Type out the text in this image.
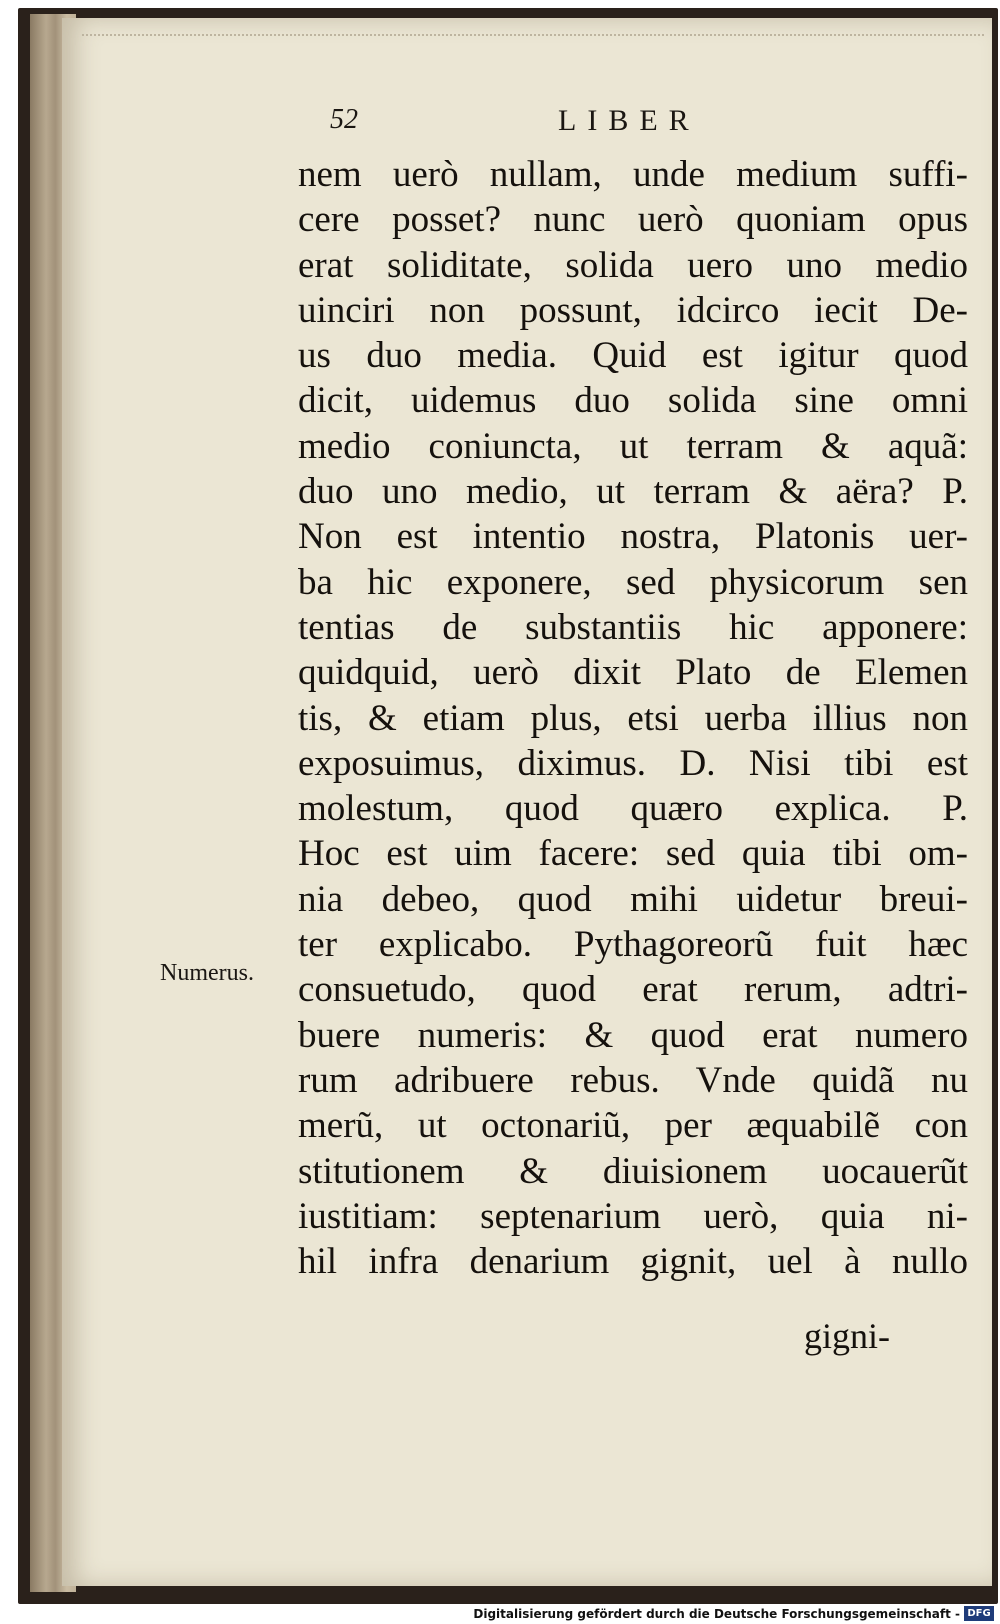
52	LIBER
Numerus.
nem uerò nullam, unde medium suffi-
cere posset? nunc uerò quoniam opus
erat soliditate, solida uero uno medio
uinciri non possunt, idcirco iecit De-
us duo media. Quid est igitur quod
dicit, uidemus duo solida sine omni
medio coniuncta, ut terram & aquã:
duo uno medio, ut terram & aëra? P.
Non est intentio nostra, Platonis uer-
ba hic exponere, sed physicorum sen
tentias de substantiis hic apponere:
quidquid, uerò dixit Plato de Elemen
tis, & etiam plus, etsi uerba illius non
exposuimus, diximus. D. Nisi tibi est
molestum, quod quæro explica. P.
Hoc est uim facere: sed quia tibi om-
nia debeo, quod mihi uidetur breui-
ter explicabo. Pythagoreorũ fuit hæc
consuetudo, quod erat rerum, adtri-
buere numeris: & quod erat numero
rum adribuere rebus. Vnde quidã nu
merũ, ut octonariũ, per æquabilẽ con
stitutionem & diuisionem uocauerũt
iustitiam: septenarium uerò, quia ni-
hil infra denarium gignit, uel à nullo
gigni-
Digitalisierung gefördert durch die Deutsche Forschungsgemeinschaft - DFG
